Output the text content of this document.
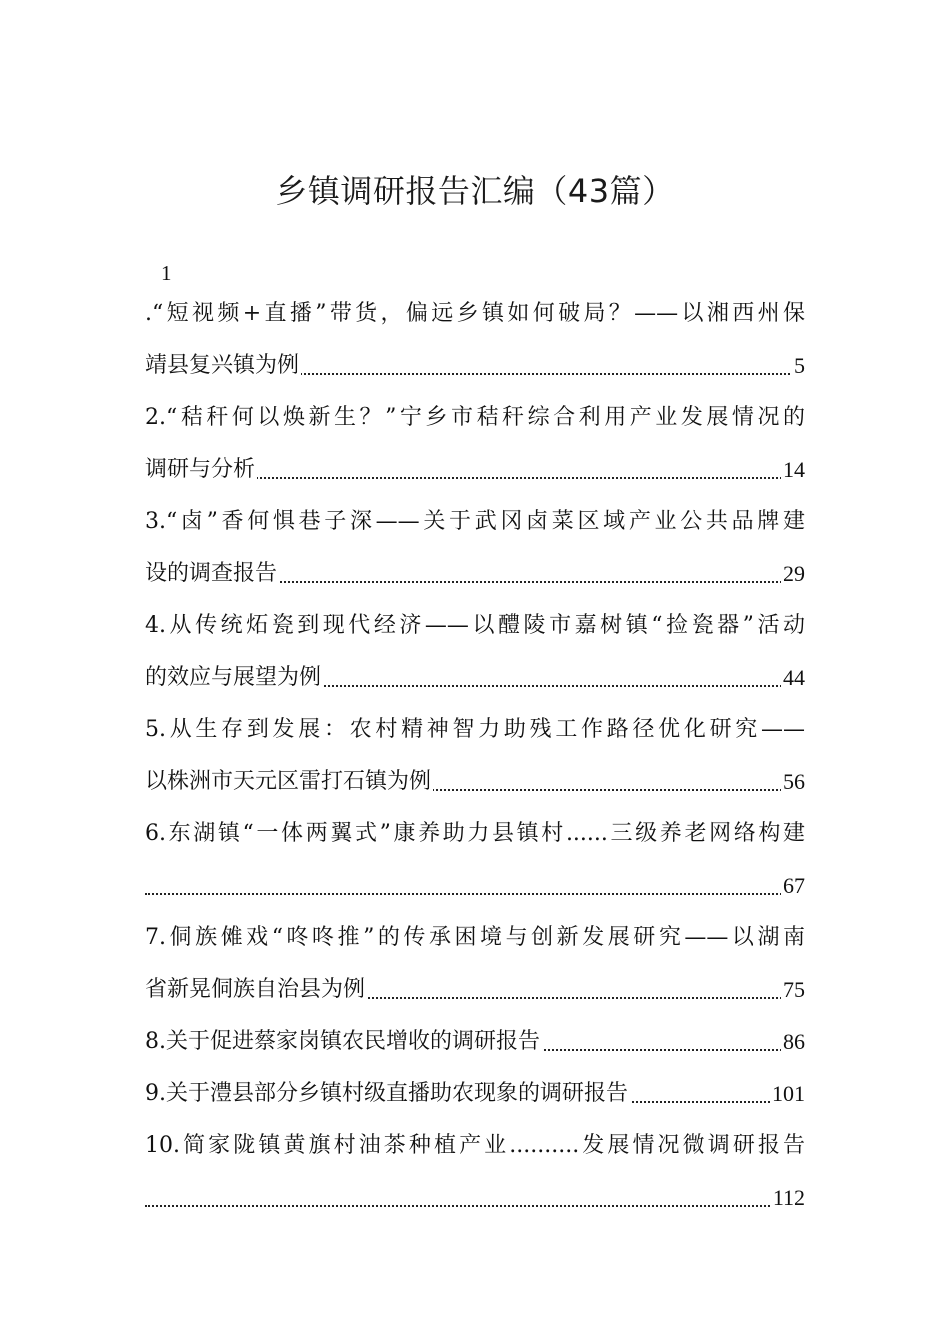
乡镇调研报告汇编（43篇）
1
.“短视频+直播”带货，偏远乡镇如何破局？——以湘西州保
靖县复兴镇为例	5
2.“秸秆何以焕新生？”宁乡市秸秆综合利用产业发展情况的
调研与分析	14
3.“卤”香何惧巷子深——关于武冈卤菜区域产业公共品牌建
设的调查报告	29
4.从传统炻瓷到现代经济——以醴陵市嘉树镇“捡瓷器”活动
的效应与展望为例	44
5.从生存到发展：农村精神智力助残工作路径优化研究——
以株洲市天元区雷打石镇为例	56
6.东湖镇“一体两翼式”康养助力县镇村......三级养老网络构建
67
7.侗族傩戏“咚咚推”的传承困境与创新发展研究——以湖南
省新晃侗族自治县为例	75
8.关于促进蔡家岗镇农民增收的调研报告	86
9.关于澧县部分乡镇村级直播助农现象的调研报告	101
10.简家陇镇黄旗村油茶种植产业..........发展情况微调研报告
112
